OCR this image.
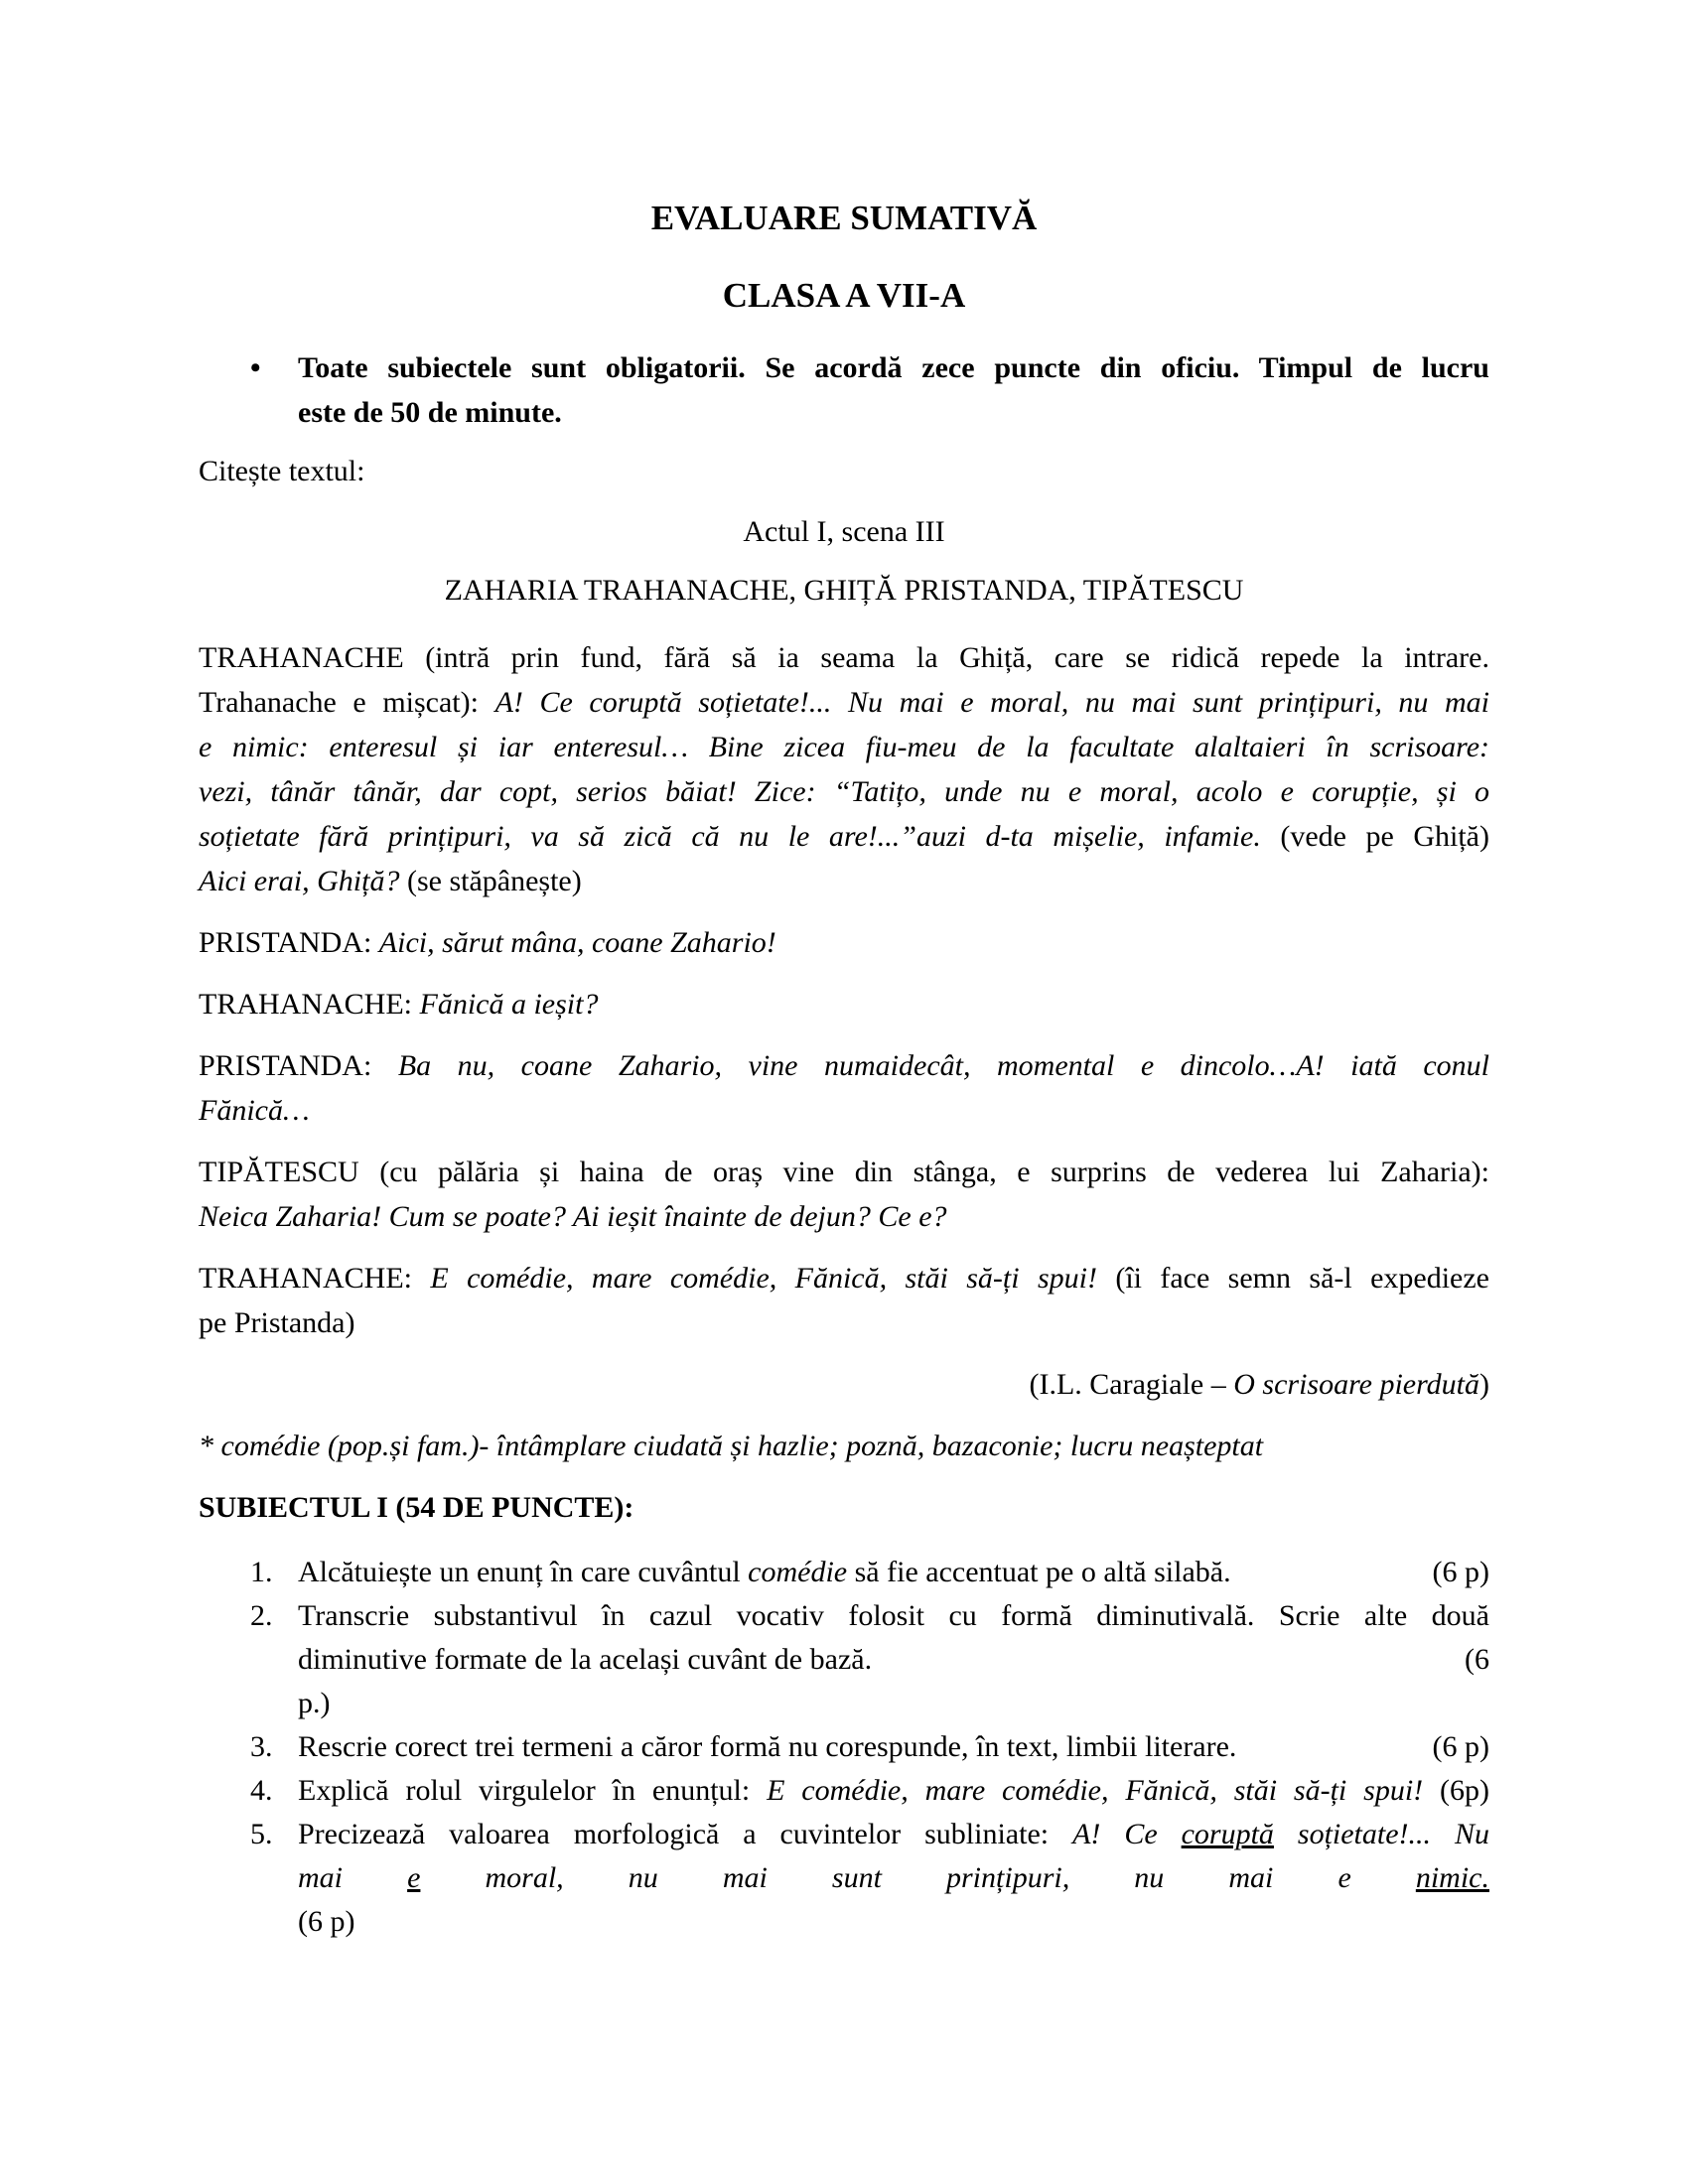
EVALUARE SUMATIVĂ
CLASA A VII-A
• Toate subiectele sunt obligatorii. Se acordă zece puncte din oficiu. Timpul de lucru
este de 50 de minute.
Citește textul:
Actul I, scena III
ZAHARIA TRAHANACHE, GHIȚĂ PRISTANDA, TIPĂTESCU
TRAHANACHE (intră prin fund, fără să ia seama la Ghiță, care se ridică repede la intrare.
Trahanache e mișcat): A! Ce coruptă soțietate!... Nu mai e moral, nu mai sunt prințipuri, nu mai
e nimic: enteresul și iar enteresul… Bine zicea fiu-meu de la facultate alaltaieri în scrisoare:
vezi, tânăr tânăr, dar copt, serios băiat! Zice: “Tatițo, unde nu e moral, acolo e corupție, și o
soțietate fără prințipuri, va să zică că nu le are!...”auzi d-ta mișelie, infamie. (vede pe Ghiță)
Aici erai, Ghiță? (se stăpânește)
PRISTANDA: Aici, sărut mâna, coane Zahario!
TRAHANACHE: Fănică a ieșit?
PRISTANDA: Ba nu, coane Zahario, vine numaidecât, momental e dincolo…A! iată conul
Fănică…
TIPĂTESCU (cu pălăria și haina de oraș vine din stânga, e surprins de vederea lui Zaharia):
Neica Zaharia! Cum se poate? Ai ieșit înainte de dejun? Ce e?
TRAHANACHE: E comédie, mare comédie, Fănică, stăi să-ți spui! (îi face semn să-l expedieze
pe Pristanda)
(I.L. Caragiale – O scrisoare pierdută)
* comédie (pop.și fam.)- întâmplare ciudată și hazlie; poznă, bazaconie; lucru neașteptat
SUBIECTUL I (54 DE PUNCTE):
1. Alcătuiește un enunț în care cuvântul comédie să fie accentuat pe o altă silabă.	(6 p)
2. Transcrie substantivul în cazul vocativ folosit cu formă diminutivală. Scrie alte două
diminutive formate de la același cuvânt de bază.	(6
p.)
3. Rescrie corect trei termeni a căror formă nu corespunde, în text, limbii literare.	(6 p)
4. Explică rolul virgulelor în enunțul: E comédie, mare comédie, Fănică, stăi să-ți spui! (6p)
5. Precizează valoarea morfologică a cuvintelor subliniate: A! Ce coruptă soțietate!... Nu
mai e moral, nu mai sunt prințipuri, nu mai e nimic.
(6 p)
